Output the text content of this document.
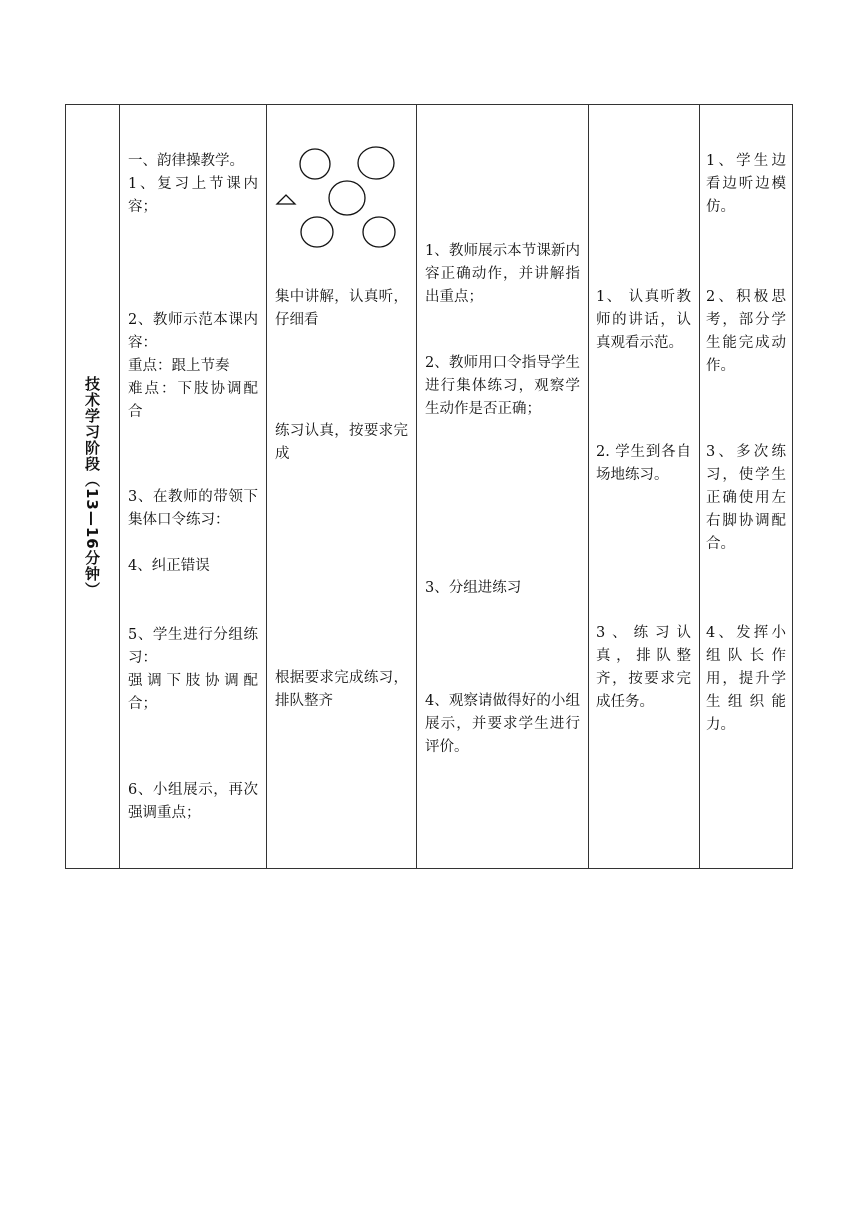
技术学习阶段（13—16分钟）

一、韵律操教学。

1、复习上节课内容；

2、教师示范本课内容：

重点：跟上节奏

难点：下肢协调配合

3、在教师的带领下集体口令练习：

4、纠正错误

5、学生进行分组练习：

强调下肢协调配合；

6、小组展示，再次强调重点；

集中讲解，认真听，仔细看
练习认真，按要求完成
根据要求完成练习，排队整齐
1、教师展示本节课新内容正确动作，并讲解指出重点；
2、教师用口令指导学生进行集体练习，观察学生动作是否正确；
3、分组进练习
4、观察请做得好的小组展示，并要求学生进行评价。
1、 认真听教师的讲话，认真观看示范。
2. 学生到各自场地练习。
3、练习认真，排队整齐，按要求完成任务。
1、学生边看边听边模仿。
2、积极思考，部分学生能完成动作。
3、多次练习，使学生正确使用左右脚协调配合。
4、发挥小组队长作用，提升学生组织能力。
